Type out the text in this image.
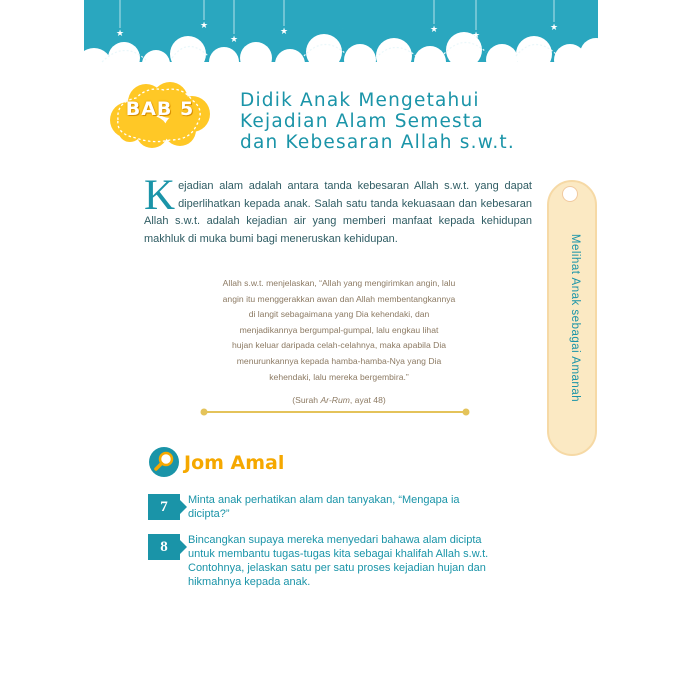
★
★
★
★	★
★
★
BAB 5	Didik Anak Mengetahui
Kejadian Alam Semesta
dan Kebesaran Allah s.w.t.
Kejadian alam adalah antara tanda kebesaran Allah s.w.t. yang dapat diperlihatkan kepada anak. Salah satu tanda kekuasaan dan kebesaran Allah s.w.t. adalah kejadian air yang memberi manfaat kepada kehidupan makhluk di muka bumi bagi meneruskan kehidupan.

Allah s.w.t. menjelaskan, “Allah yang mengirimkan angin, lalu

angin itu menggerakkan awan dan Allah membentangkannya

di langit sebagaimana yang Dia kehendaki, dan

menjadikannya bergumpal-gumpal, lalu engkau lihat

hujan keluar daripada celah-celahnya, maka apabila Dia

menurunkannya kepada hamba-hamba-Nya yang Dia

kehendaki, lalu mereka bergembira.”

(Surah Ar-Rum, ayat 48)
Jom Amal
7	Minta anak perhatikan alam dan tanyakan, “Mengapa ia dicipta?”
8	Bincangkan supaya mereka menyedari bahawa alam dicipta untuk membantu tugas-tugas kita sebagai khalifah Allah s.w.t. Contohnya, jelaskan satu per satu proses kejadian hujan dan hikmahnya kepada anak.
Melihat Anak sebagai Amanah
